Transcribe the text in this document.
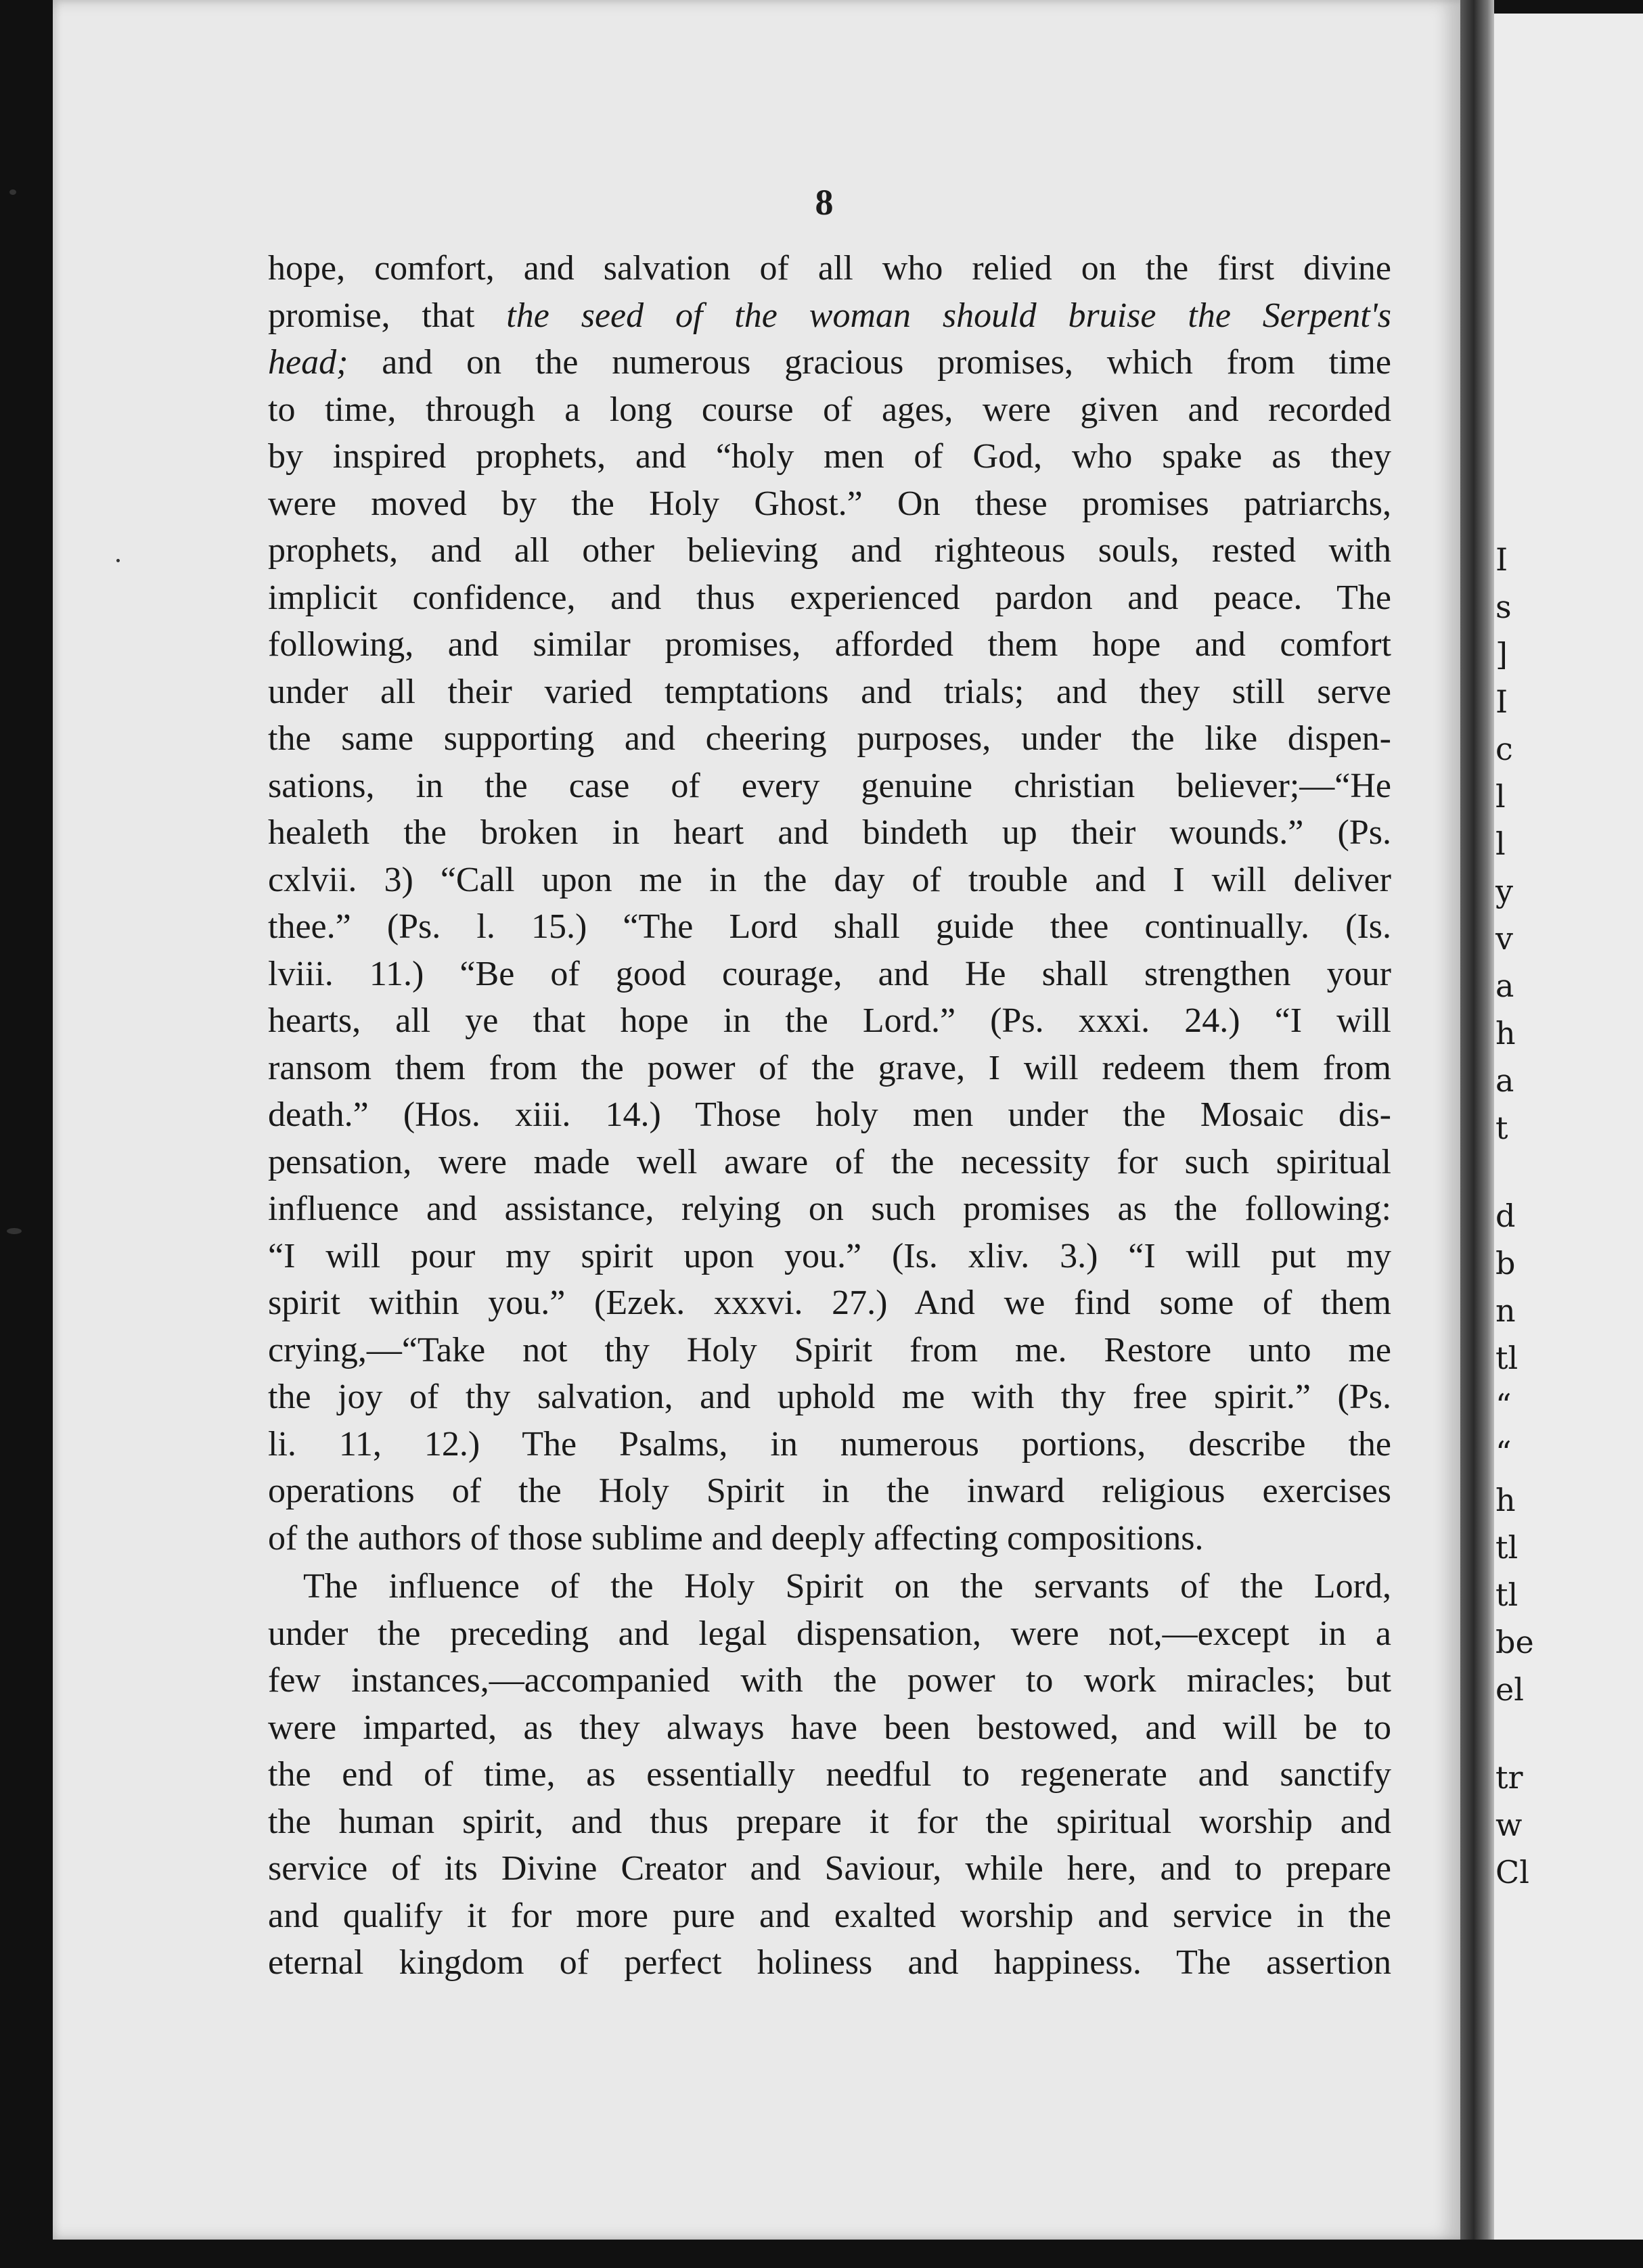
8
hope, comfort, and salvation of all who relied on the first divine
promise, that the seed of the woman should bruise the Serpent's
head; and on the numerous gracious promises, which from time
to time, through a long course of ages, were given and recorded
by inspired prophets, and “holy men of God, who spake as they
were moved by the Holy Ghost.” On these promises patriarchs,
prophets, and all other believing and righteous souls, rested with
implicit confidence, and thus experienced pardon and peace. The
following, and similar promises, afforded them hope and comfort
under all their varied temptations and trials; and they still serve
the same supporting and cheering purposes, under the like dispen-
sations, in the case of every genuine christian believer;—“He
healeth the broken in heart and bindeth up their wounds.” (Ps.
cxlvii. 3) “Call upon me in the day of trouble and I will deliver
thee.” (Ps. l. 15.) “The Lord shall guide thee continually. (Is.
lviii. 11.) “Be of good courage, and He shall strengthen your
hearts, all ye that hope in the Lord.” (Ps. xxxi. 24.) “I will
ransom them from the power of the grave, I will redeem them from
death.” (Hos. xiii. 14.) Those holy men under the Mosaic dis-
pensation, were made well aware of the necessity for such spiritual
influence and assistance, relying on such promises as the following:
“I will pour my spirit upon you.” (Is. xliv. 3.) “I will put my
spirit within you.” (Ezek. xxxvi. 27.) And we find some of them
crying,—“Take not thy Holy Spirit from me. Restore unto me
the joy of thy salvation, and uphold me with thy free spirit.” (Ps.
li. 11, 12.) The Psalms, in numerous portions, describe the
operations of the Holy Spirit in the inward religious exercises
of the authors of those sublime and deeply affecting compositions.
The influence of the Holy Spirit on the servants of the Lord,
under the preceding and legal dispensation, were not,—except in a
few instances,—accompanied with the power to work miracles; but
were imparted, as they always have been bestowed, and will be to
the end of time, as essentially needful to regenerate and sanctify
the human spirit, and thus prepare it for the spiritual worship and
service of its Divine Creator and Saviour, while here, and to prepare
and qualify it for more pure and exalted worship and service in the
eternal kingdom of perfect holiness and happiness. The assertion
I
s
]
I
c
l
l
y
v
a
h
a
t
d
b
n
tl
“
“
h
tl
tl
bе
el
tr
w
Cl
